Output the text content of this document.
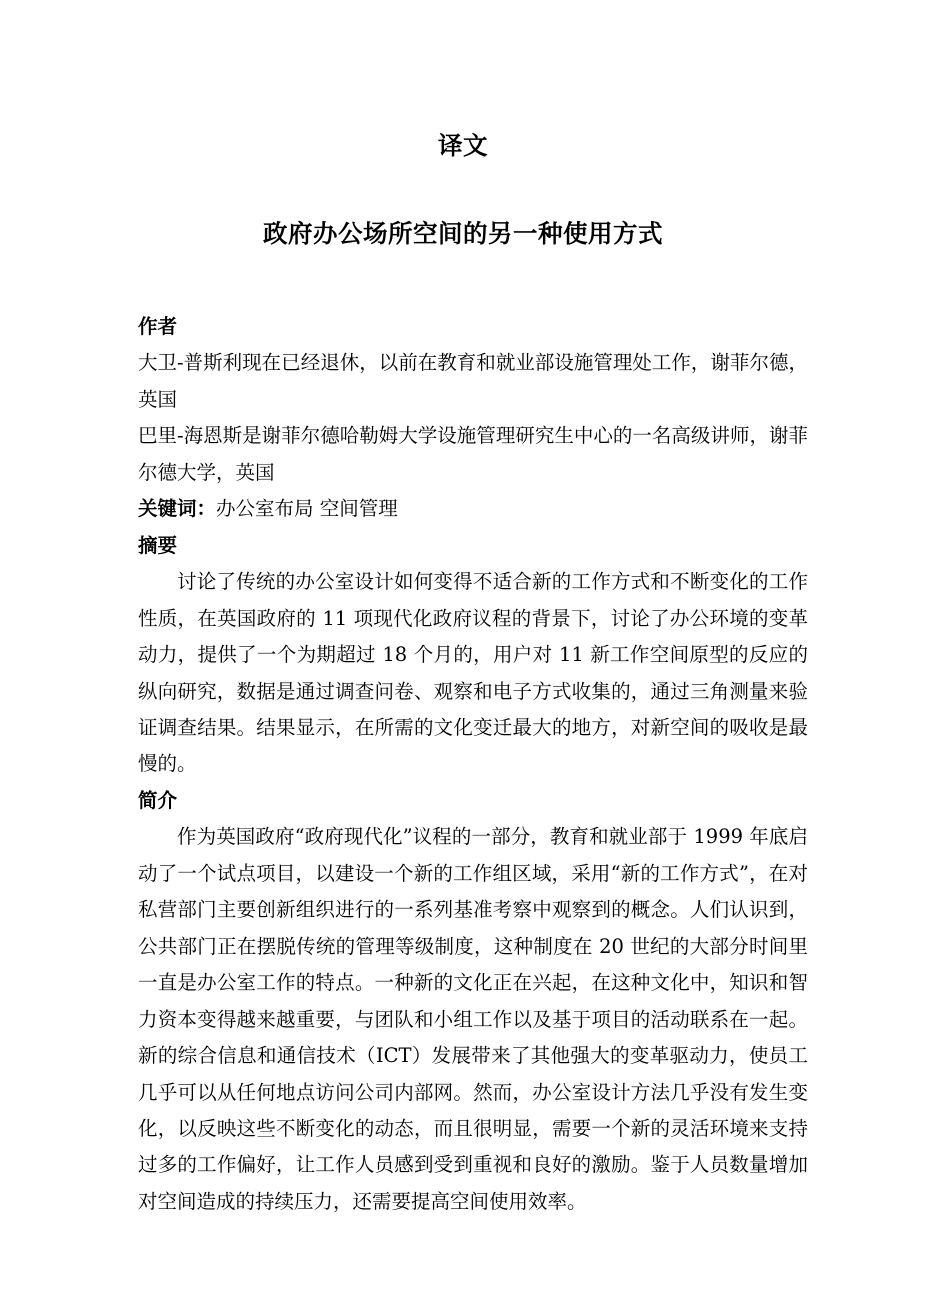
译文
政府办公场所空间的另一种使用方式
作者

大卫-普斯利现在已经退休，以前在教育和就业部设施管理处工作，谢菲尔德，英国

巴里-海恩斯是谢菲尔德哈勒姆大学设施管理研究生中心的一名高级讲师，谢菲尔德大学，英国

关键词：办公室布局 空间管理

摘要

讨论了传统的办公室设计如何变得不适合新的工作方式和不断变化的工作性质，在英国政府的 11 项现代化政府议程的背景下，讨论了办公环境的变革动力，提供了一个为期超过 18 个月的，用户对 11 新工作空间原型的反应的纵向研究，数据是通过调查问卷、观察和电子方式收集的，通过三角测量来验证调查结果。结果显示，在所需的文化变迁最大的地方，对新空间的吸收是最慢的。

简介

作为英国政府“政府现代化”议程的一部分，教育和就业部于 1999 年底启动了一个试点项目，以建设一个新的工作组区域，采用“新的工作方式”，在对私营部门主要创新组织进行的一系列基准考察中观察到的概念。人们认识到，公共部门正在摆脱传统的管理等级制度，这种制度在 20 世纪的大部分时间里一直是办公室工作的特点。一种新的文化正在兴起，在这种文化中，知识和智力资本变得越来越重要，与团队和小组工作以及基于项目的活动联系在一起。新的综合信息和通信技术（ICT）发展带来了其他强大的变革驱动力，使员工几乎可以从任何地点访问公司内部网。然而，办公室设计方法几乎没有发生变化，以反映这些不断变化的动态，而且很明显，需要一个新的灵活环境来支持过多的工作偏好，让工作人员感到受到重视和良好的激励。鉴于人员数量增加对空间造成的持续压力，还需要提高空间使用效率。
